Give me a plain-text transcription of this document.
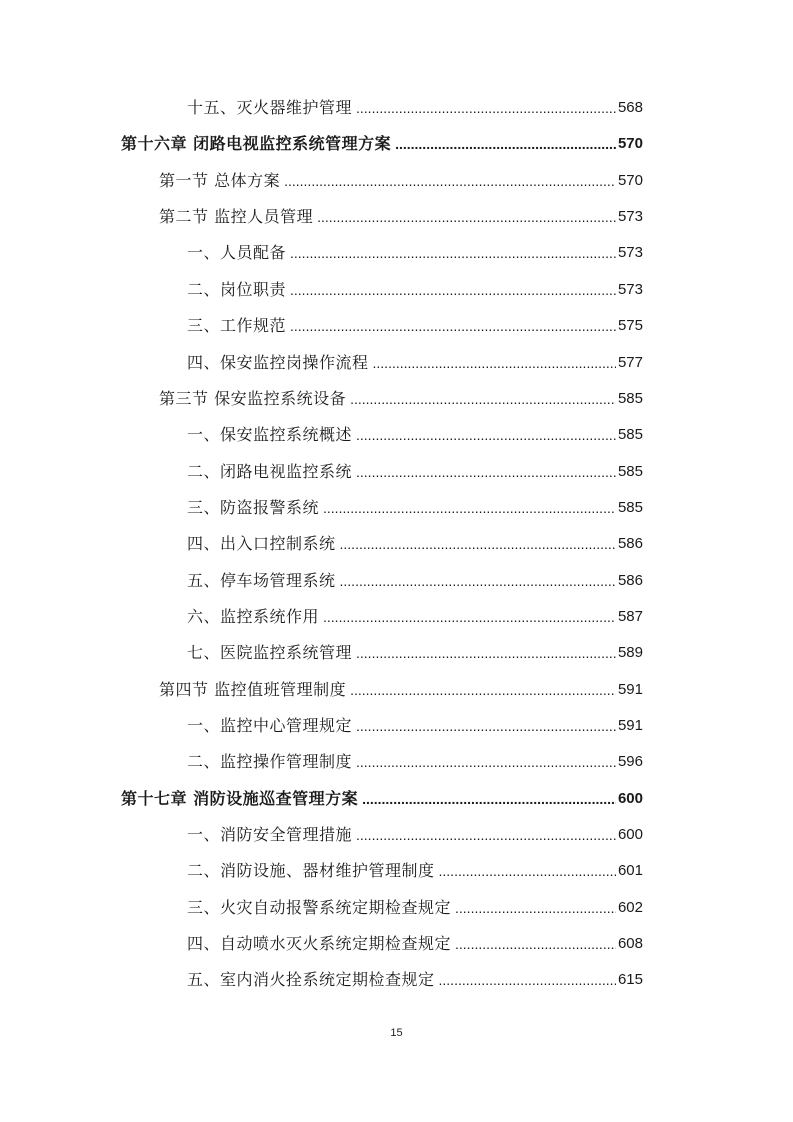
十五、灭火器维护管理 .....	568
第十六章 闭路电视监控系统管理方案 .....	570
第一节 总体方案 .....	570
第二节 监控人员管理 .....	573
一、人员配备 .....	573
二、岗位职责 .....	573
三、工作规范 .....	575
四、保安监控岗操作流程 .....	577
第三节 保安监控系统设备 .....	585
一、保安监控系统概述 .....	585
二、闭路电视监控系统 .....	585
三、防盗报警系统 .....	585
四、出入口控制系统 .....	586
五、停车场管理系统 .....	586
六、监控系统作用 .....	587
七、医院监控系统管理 .....	589
第四节 监控值班管理制度 .....	591
一、监控中心管理规定 .....	591
二、监控操作管理制度 .....	596
第十七章 消防设施巡查管理方案 .....	600
一、消防安全管理措施 .....	600
二、消防设施、器材维护管理制度 .....	601
三、火灾自动报警系统定期检查规定 .....	602
四、自动喷水灭火系统定期检查规定 .....	608
五、室内消火拴系统定期检查规定 .....	615
15
